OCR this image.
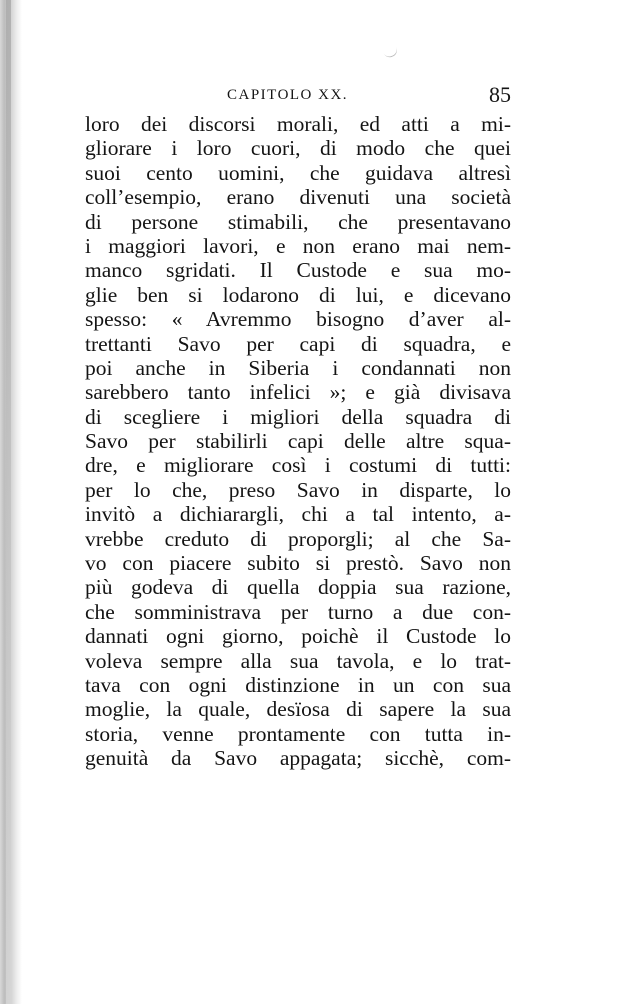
CAPITOLO XX.	85

loro dei discorsi morali, ed atti a mi-
gliorare i loro cuori, di modo che quei
suoi cento uomini, che guidava altresì
coll’esempio, erano divenuti una società
di persone stimabili, che presentavano
i maggiori lavori, e non erano mai nem-
manco sgridati. Il Custode e sua mo-
glie ben si lodarono di lui, e dicevano
spesso: « Avremmo bisogno d’aver al-
trettanti Savo per capi di squadra, e
poi anche in Siberia i condannati non
sarebbero tanto infelici »; e già divisava
di scegliere i migliori della squadra di
Savo per stabilirli capi delle altre squa-
dre, e migliorare così i costumi di tutti:
per lo che, preso Savo in disparte, lo
invitò a dichiarargli, chi a tal intento, a-
vrebbe creduto di proporgli; al che Sa-
vo con piacere subito si prestò. Savo non
più godeva di quella doppia sua razione,
che somministrava per turno a due con-
dannati ogni giorno, poichè il Custode lo
voleva sempre alla sua tavola, e lo trat-
tava con ogni distinzione in un con sua
moglie, la quale, desïosa di sapere la sua
storia, venne prontamente con tutta in-
genuità da Savo appagata; sicchè, com-
